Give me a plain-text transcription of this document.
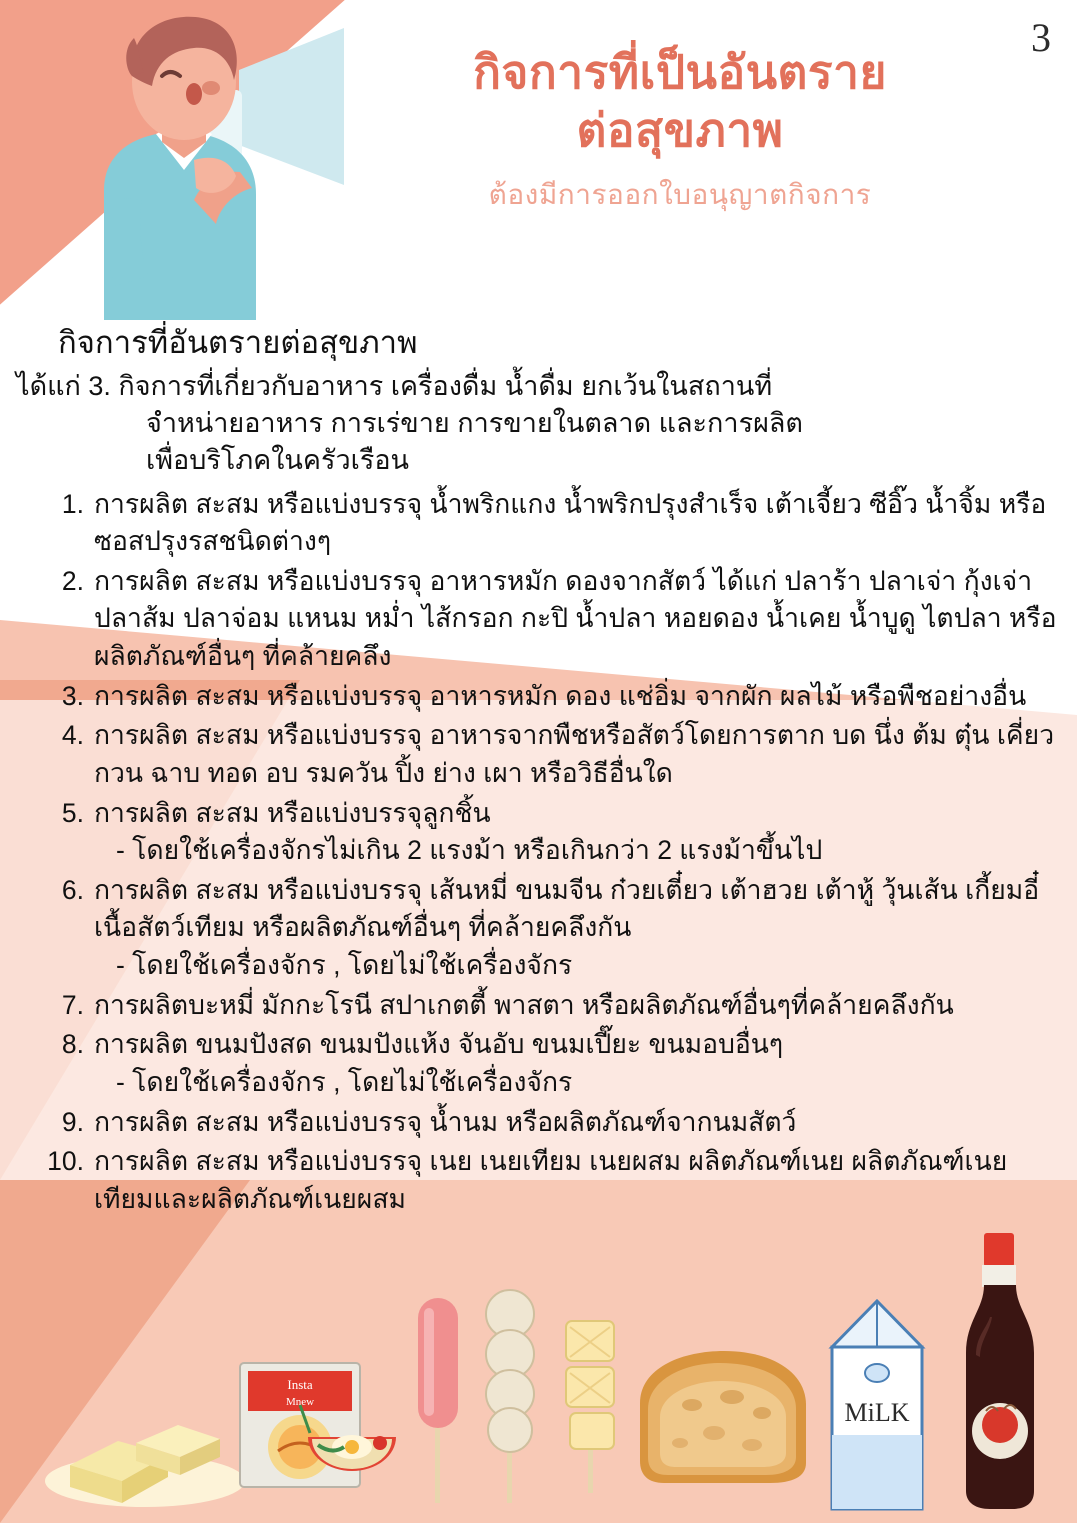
3
กิจการที่เป็นอันตราย
ต่อสุขภาพ
ต้องมีการออกใบอนุญาตกิจการ
กิจการที่อันตรายต่อสุขภาพ
ได้แก่ 3. กิจการที่เกี่ยวกับอาหาร เครื่องดื่ม น้ำดื่ม ยกเว้นในสถานที่
จำหน่ายอาหาร การเร่ขาย การขายในตลาด และการผลิต
เพื่อบริโภคในครัวเรือน
1. การผลิต สะสม หรือแบ่งบรรจุ น้ำพริกแกง น้ำพริกปรุงสำเร็จ เต้าเจี้ยว ซีอิ๊ว น้ำจิ้ม หรือซอสปรุงรสชนิดต่างๆ
2. การผลิต สะสม หรือแบ่งบรรจุ อาหารหมัก ดองจากสัตว์ ได้แก่ ปลาร้า ปลาเจ่า กุ้งเจ่า ปลาส้ม ปลาจ่อม แหนม หม่ำ ไส้กรอก กะปิ น้ำปลา หอยดอง น้ำเคย น้ำบูดู ไตปลา หรือผลิตภัณฑ์อื่นๆ ที่คล้ายคลึง
3. การผลิต สะสม หรือแบ่งบรรจุ อาหารหมัก ดอง แช่อิ่ม จากผัก ผลไม้ หรือพืชอย่างอื่น
4. การผลิต สะสม หรือแบ่งบรรจุ อาหารจากพืชหรือสัตว์โดยการตาก บด นึ่ง ต้ม ตุ๋น เคี่ยว กวน ฉาบ ทอด อบ รมควัน ปิ้ง ย่าง เผา หรือวิธีอื่นใด
5. การผลิต สะสม หรือแบ่งบรรจุลูกชิ้น
- โดยใช้เครื่องจักรไม่เกิน 2 แรงม้า หรือเกินกว่า 2 แรงม้าขึ้นไป
6. การผลิต สะสม หรือแบ่งบรรจุ เส้นหมี่ ขนมจีน ก๋วยเตี๋ยว เต้าฮวย เต้าหู้ วุ้นเส้น เกี้ยมอี๋ เนื้อสัตว์เทียม หรือผลิตภัณฑ์อื่นๆ ที่คล้ายคลึงกัน
- โดยใช้เครื่องจักร , โดยไม่ใช้เครื่องจักร
7. การผลิตบะหมี่ มักกะโรนี สปาเกตตี้ พาสตา หรือผลิตภัณฑ์อื่นๆที่คล้ายคลึงกัน
8. การผลิต ขนมปังสด ขนมปังแห้ง จันอับ ขนมเปี๊ยะ ขนมอบอื่นๆ
- โดยใช้เครื่องจักร , โดยไม่ใช้เครื่องจักร
9. การผลิต สะสม หรือแบ่งบรรจุ น้ำนม หรือผลิตภัณฑ์จากนมสัตว์
10. การผลิต สะสม หรือแบ่งบรรจุ เนย เนยเทียม เนยผสม ผลิตภัณฑ์เนย ผลิตภัณฑ์เนยเทียมและผลิตภัณฑ์เนยผสม
Insta
Mnew	MiLK
